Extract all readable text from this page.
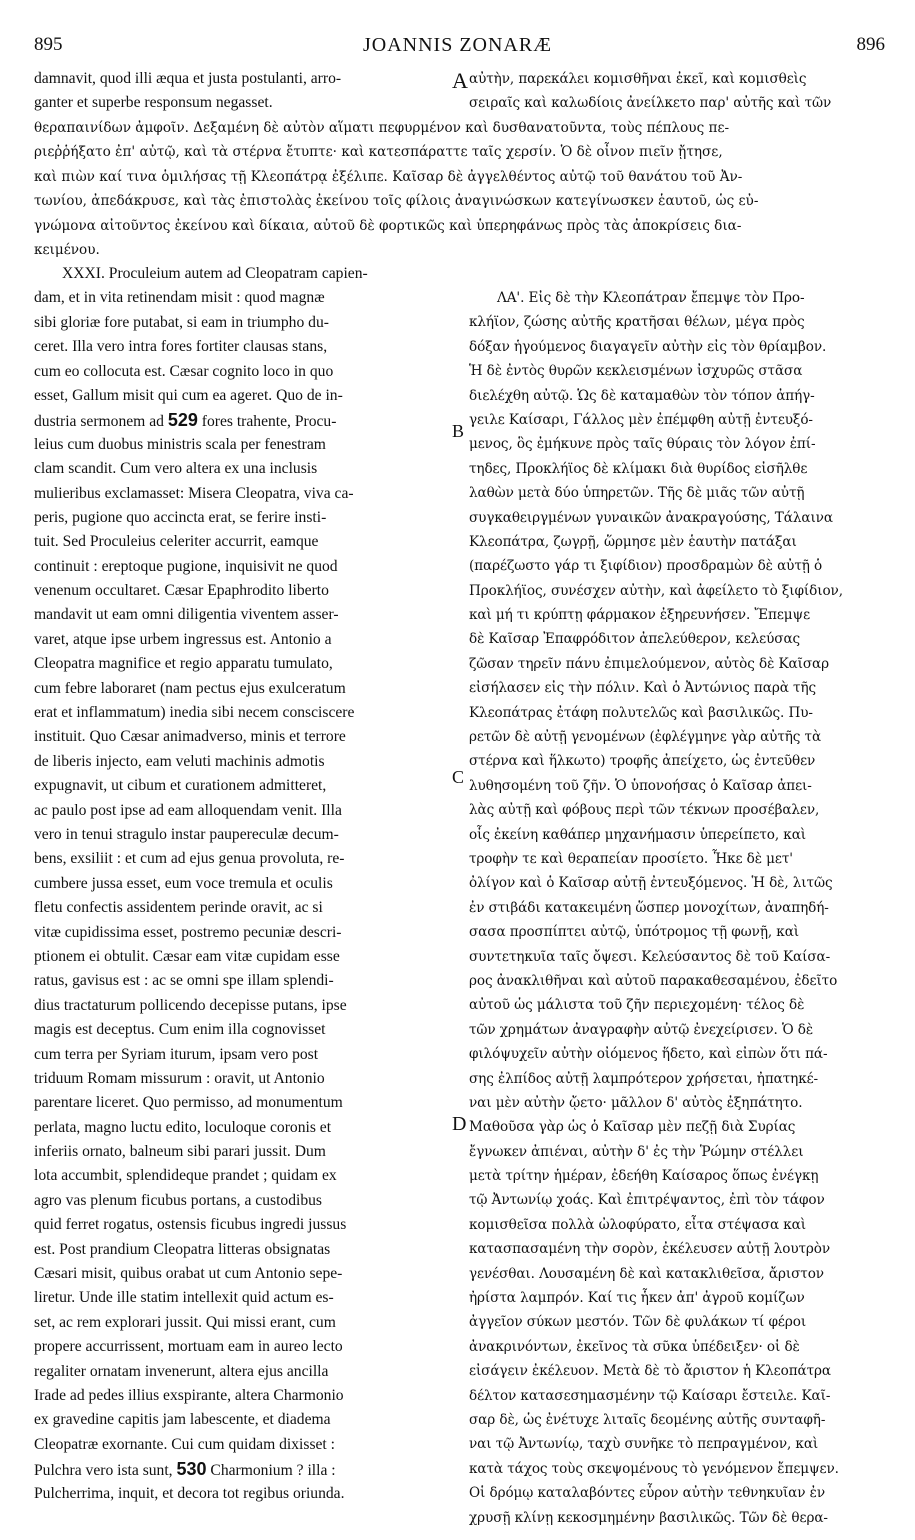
895	JOANNIS ZONARÆ	896
A
B
C
D
damnavit, quod illi æqua et justa postulanti, arro-
ganter et superbe responsum negasset.
αὐτὴν, παρεκάλει κομισθῆναι ἐκεῖ, καὶ κομισθεὶς
σειραῖς καὶ καλωδίοις ἀνείλκετο παρ' αὐτῆς καὶ τῶν
θεραπαινίδων ἀμφοῖν. Δεξαμένη δὲ αὐτὸν αἵματι πεφυρμένον καὶ δυσθανατοῦντα, τοὺς πέπλους πε-
ριεῤῥήξατο ἐπ' αὐτῷ, καὶ τὰ στέρνα ἔτυπτε· καὶ κατεσπάραττε ταῖς χερσίν. Ὁ δὲ οἶνον πιεῖν ᾔτησε,
καὶ πιὼν καί τινα ὁμιλήσας τῇ Κλεοπάτρᾳ ἐξέλιπε. Καῖσαρ δὲ ἀγγελθέντος αὐτῷ τοῦ θανάτου τοῦ Ἀν-
τωνίου, ἀπεδάκρυσε, καὶ τὰς ἐπιστολὰς ἐκείνου τοῖς φίλοις ἀναγινώσκων κατεγίνωσκεν ἑαυτοῦ, ὡς εὐ-
γνώμονα αἰτοῦντος ἐκείνου καὶ δίκαια, αὐτοῦ δὲ φορτικῶς καὶ ὑπερηφάνως πρὸς τὰς ἀποκρίσεις δια-
κειμένου.
XXXI. Proculeium autem ad Cleopatram capien-
dam, et in vita retinendam misit : quod magnæ
sibi gloriæ fore putabat, si eam in triumpho du-
ceret. Illa vero intra fores fortiter clausas stans,
cum eo collocuta est. Cæsar cognito loco in quo
esset, Gallum misit qui cum ea ageret. Quo de in-
dustria sermonem ad 529 fores trahente, Procu-
leius cum duobus ministris scala per fenestram
clam scandit. Cum vero altera ex una inclusis
mulieribus exclamasset: Misera Cleopatra, viva ca-
peris, pugione quo accincta erat, se ferire insti-
tuit. Sed Proculeius celeriter accurrit, eamque
continuit : ereptoque pugione, inquisivit ne quod
venenum occultaret. Cæsar Epaphrodito liberto
mandavit ut eam omni diligentia viventem asser-
varet, atque ipse urbem ingressus est. Antonio a
Cleopatra magnifice et regio apparatu tumulato,
cum febre laboraret (nam pectus ejus exulceratum
erat et inflammatum) inedia sibi necem consciscere
instituit. Quo Cæsar animadverso, minis et terrore
de liberis injecto, eam veluti machinis admotis
expugnavit, ut cibum et curationem admitteret,
ac paulo post ipse ad eam alloquendam venit. Illa
vero in tenui stragulo instar paupereculæ decum-
bens, exsiliit : et cum ad ejus genua provoluta, re-
cumbere jussa esset, eum voce tremula et oculis
fletu confectis assidentem perinde oravit, ac si
vitæ cupidissima esset, postremo pecuniæ descri-
ptionem ei obtulit. Cæsar eam vitæ cupidam esse
ratus, gavisus est : ac se omni spe illam splendi-
dius tractaturum pollicendo decepisse putans, ipse
magis est deceptus. Cum enim illa cognovisset
cum terra per Syriam iturum, ipsam vero post
triduum Romam missurum : oravit, ut Antonio
parentare liceret. Quo permisso, ad monumentum
perlata, magno luctu edito, loculoque coronis et
inferiis ornato, balneum sibi parari jussit. Dum
lota accumbit, splendideque prandet ; quidam ex
agro vas plenum ficubus portans, a custodibus
quid ferret rogatus, ostensis ficubus ingredi jussus
est. Post prandium Cleopatra litteras obsignatas
Cæsari misit, quibus orabat ut cum Antonio sepe-
liretur. Unde ille statim intellexit quid actum es-
set, ac rem explorari jussit. Qui missi erant, cum
propere accurrissent, mortuam eam in aureo lecto
regaliter ornatam invenerunt, altera ejus ancilla
Irade ad pedes illius exspirante, altera Charmonio
ex gravedine capitis jam labescente, et diadema
Cleopatræ exornante. Cui cum quidam dixisset :
Pulchra vero ista sunt, 530 Charmonium ? illa :
Pulcherrima, inquit, et decora tot regibus oriunda.
ΛΑ'. Εἰς δὲ τὴν Κλεοπάτραν ἔπεμψε τὸν Προ-
κλήϊον, ζώσης αὐτῆς κρατῆσαι θέλων, μέγα πρὸς
δόξαν ἡγούμενος διαγαγεῖν αὐτὴν εἰς τὸν θρίαμβον.
Ἡ δὲ ἐντὸς θυρῶν κεκλεισμένων ἰσχυρῶς στᾶσα
διελέχθη αὐτῷ. Ὡς δὲ καταμαθὼν τὸν τόπον ἀπήγ-
γειλε Καίσαρι, Γάλλος μὲν ἐπέμφθη αὐτῇ ἐντευξό-
μενος, ὃς ἐμήκυνε πρὸς ταῖς θύραις τὸν λόγον ἐπί-
τηδες, Προκλήϊος δὲ κλίμακι διὰ θυρίδος εἰσῆλθε
λαθὼν μετὰ δύο ὑπηρετῶν. Τῆς δὲ μιᾶς τῶν αὐτῇ
συγκαθειργμένων γυναικῶν ἀνακραγούσης, Τάλαινα
Κλεοπάτρα, ζωγρῇ, ὥρμησε μὲν ἑαυτὴν πατάξαι
(παρέζωστο γάρ τι ξιφίδιον) προσδραμὼν δὲ αὐτῇ ὁ
Προκλήϊος, συνέσχεν αὐτὴν, καὶ ἀφείλετο τὸ ξιφίδιον,
καὶ μή τι κρύπτῃ φάρμακον ἐξηρευνήσεν. Ἔπεμψε
δὲ Καῖσαρ Ἐπαφρόδιτον ἀπελεύθερον, κελεύσας
ζῶσαν τηρεῖν πάνυ ἐπιμελούμενον, αὐτὸς δὲ Καῖσαρ
εἰσήλασεν εἰς τὴν πόλιν. Καὶ ὁ Ἀντώνιος παρὰ τῆς
Κλεοπάτρας ἐτάφη πολυτελῶς καὶ βασιλικῶς. Πυ-
ρετῶν δὲ αὐτῇ γενομένων (ἐφλέγμηνε γὰρ αὐτῆς τὰ
στέρνα καὶ ἥλκωτο) τροφῆς ἀπείχετο, ὡς ἐντεῦθεν
λυθησομένη τοῦ ζῆν. Ὁ ὑπονοήσας ὁ Καῖσαρ ἀπει-
λὰς αὐτῇ καὶ φόβους περὶ τῶν τέκνων προσέβαλεν,
οἷς ἐκείνη καθάπερ μηχανήμασιν ὑπερείπετο, καὶ
τροφὴν τε καὶ θεραπείαν προσίετο. Ἧκε δὲ μετ'
ὀλίγον καὶ ὁ Καῖσαρ αὐτῇ ἐντευξόμενος. Ἡ δὲ, λιτῶς
ἐν στιβάδι κατακειμένη ὥσπερ μονοχίτων, ἀναπηδή-
σασα προσπίπτει αὐτῷ, ὑπότρομος τῇ φωνῇ, καὶ
συντετηκυῖα ταῖς ὄψεσι. Κελεύσαντος δὲ τοῦ Καίσα-
ρος ἀνακλιθῆναι καὶ αὐτοῦ παρακαθεσαμένου, ἐδεῖτο
αὐτοῦ ὡς μάλιστα τοῦ ζῆν περιεχομένη· τέλος δὲ
τῶν χρημάτων ἀναγραφὴν αὐτῷ ἐνεχείρισεν. Ὁ δὲ
φιλόψυχεῖν αὐτὴν οἰόμενος ἥδετο, καὶ εἰπὼν ὅτι πά-
σης ἐλπίδος αὐτῇ λαμπρότερον χρήσεται, ἠπατηκέ-
ναι μὲν αὐτὴν ᾤετο· μᾶλλον δ' αὐτὸς ἐξηπάτητο.
Μαθοῦσα γὰρ ὡς ὁ Καῖσαρ μὲν πεζῇ διὰ Συρίας
ἔγνωκεν ἀπιέναι, αὐτὴν δ' ἐς τὴν Ῥώμην στέλλει
μετὰ τρίτην ἡμέραν, ἐδεήθη Καίσαρος ὅπως ἐνέγκῃ
τῷ Ἀντωνίῳ χοάς. Καὶ ἐπιτρέψαντος, ἐπὶ τὸν τάφον
κομισθεῖσα πολλὰ ὠλοφύρατο, εἶτα στέψασα καὶ
κατασπασαμένη τὴν σορὸν, ἐκέλευσεν αὐτῇ λουτρὸν
γενέσθαι. Λουσαμένη δὲ καὶ κατακλιθεῖσα, ἄριστον
ἠρίστα λαμπρόν. Καί τις ἧκεν ἀπ' ἀγροῦ κομίζων
ἀγγεῖον σύκων μεστόν. Τῶν δὲ φυλάκων τί φέροι
ἀνακρινόντων, ἐκεῖνος τὰ σῦκα ὑπέδειξεν· οἱ δὲ
εἰσάγειν ἐκέλευον. Μετὰ δὲ τὸ ἄριστον ἡ Κλεοπάτρα
δέλτον κατασεσημασμένην τῷ Καίσαρι ἔστειλε. Καῖ-
σαρ δὲ, ὡς ἐνέτυχε λιταῖς δεομένης αὐτῆς συνταφῆ-
ναι τῷ Ἀντωνίῳ, ταχὺ συνῆκε τὸ πεπραγμένον, καὶ
κατὰ τάχος τοὺς σκεψομένους τὸ γενόμενον ἔπεμψεν.
Οἱ δρόμῳ καταλαβόντες εὗρον αὐτὴν τεθνηκυῖαν ἐν
χρυσῇ κλίνῃ κεκοσμημένην βασιλικῶς. Τῶν δὲ θερα-
